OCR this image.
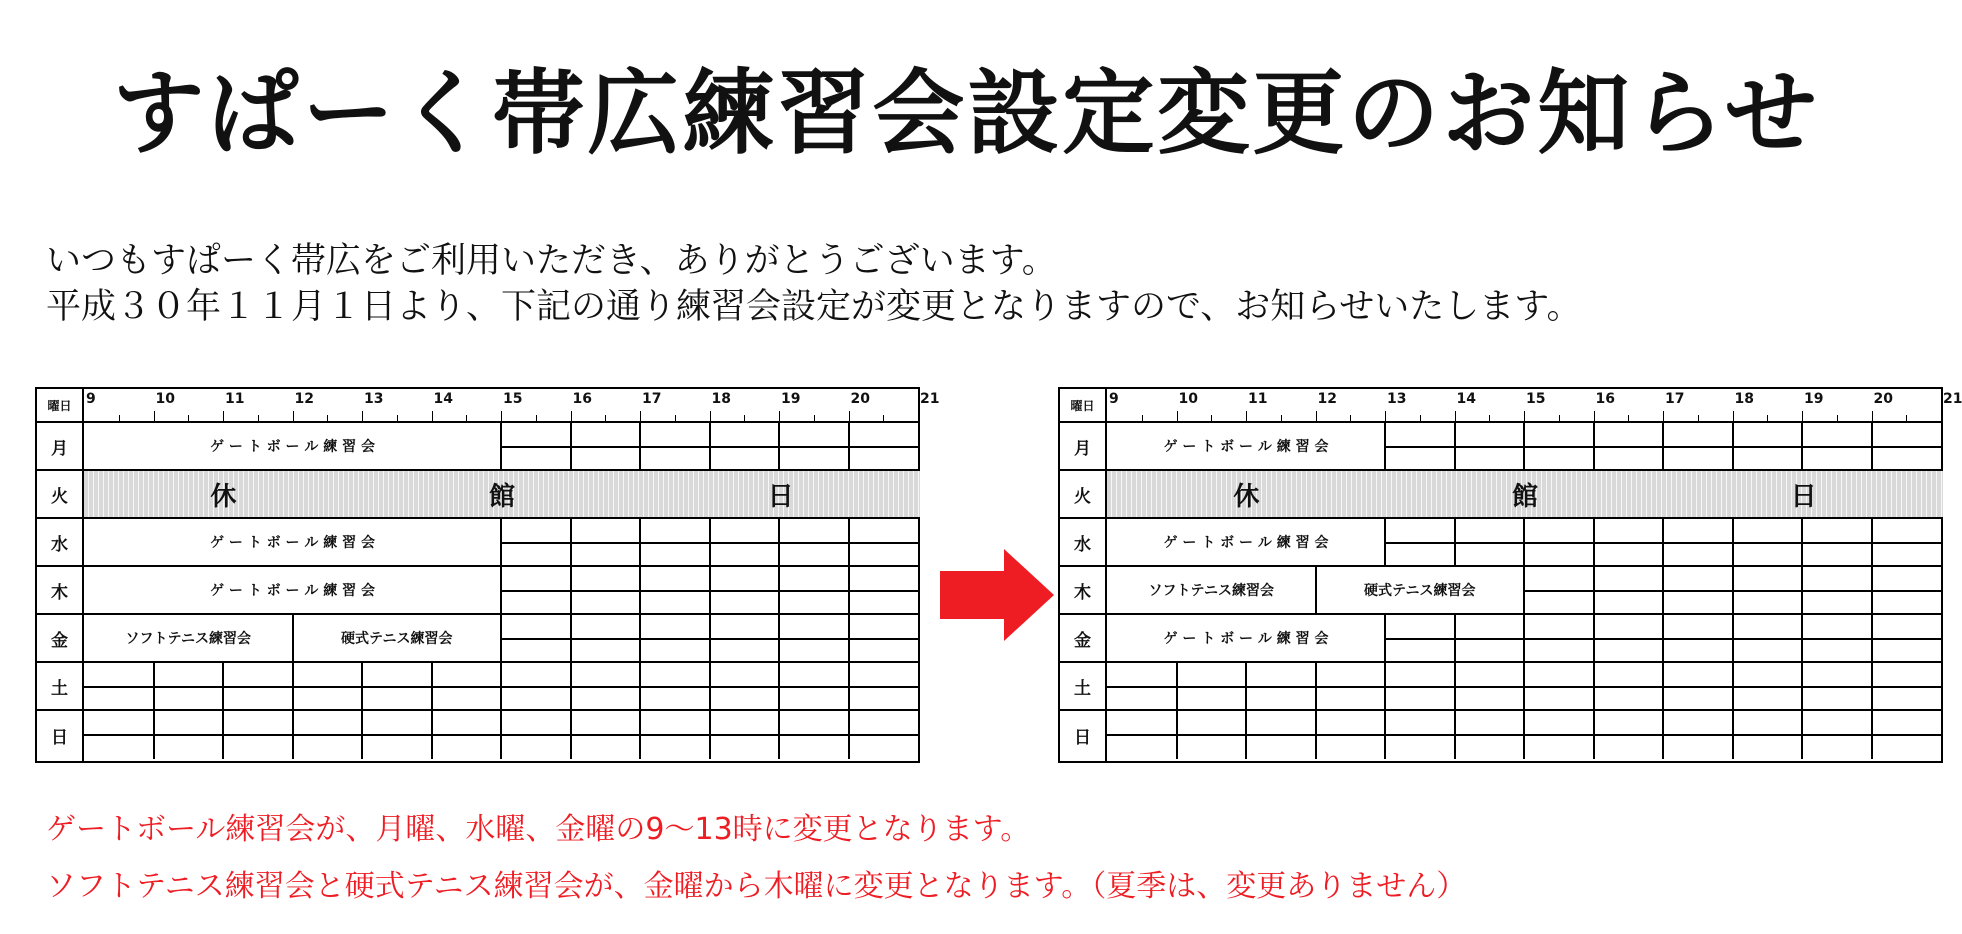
すぱーく帯広練習会設定変更のお知らせ
いつもすぱーく帯広をご利用いただき、ありがとうございます。
平成３０年１１月１日より、下記の通り練習会設定が変更となりますので、お知らせいたします。
曜日	9	10	11	12	13	14	15	16	17	18	19	20	21
月	ゲ ー ト ボ ー ル 練 習 会
火	休	館	日
水	ゲ ー ト ボ ー ル 練 習 会
木	ゲ ー ト ボ ー ル 練 習 会
金	ソフトテニス練習会	硬式テニス練習会
土
日
曜日	9	10	11	12	13	14	15	16	17	18	19	20	21
月	ゲ ー ト ボ ー ル 練 習 会
火	休	館	日
水	ゲ ー ト ボ ー ル 練 習 会
木	ソフトテニス練習会	硬式テニス練習会
金	ゲ ー ト ボ ー ル 練 習 会
土
日
ゲートボール練習会が、月曜、水曜、金曜の9～13時に変更となります。
ソフトテニス練習会と硬式テニス練習会が、金曜から木曜に変更となります。（夏季は、変更ありません）
